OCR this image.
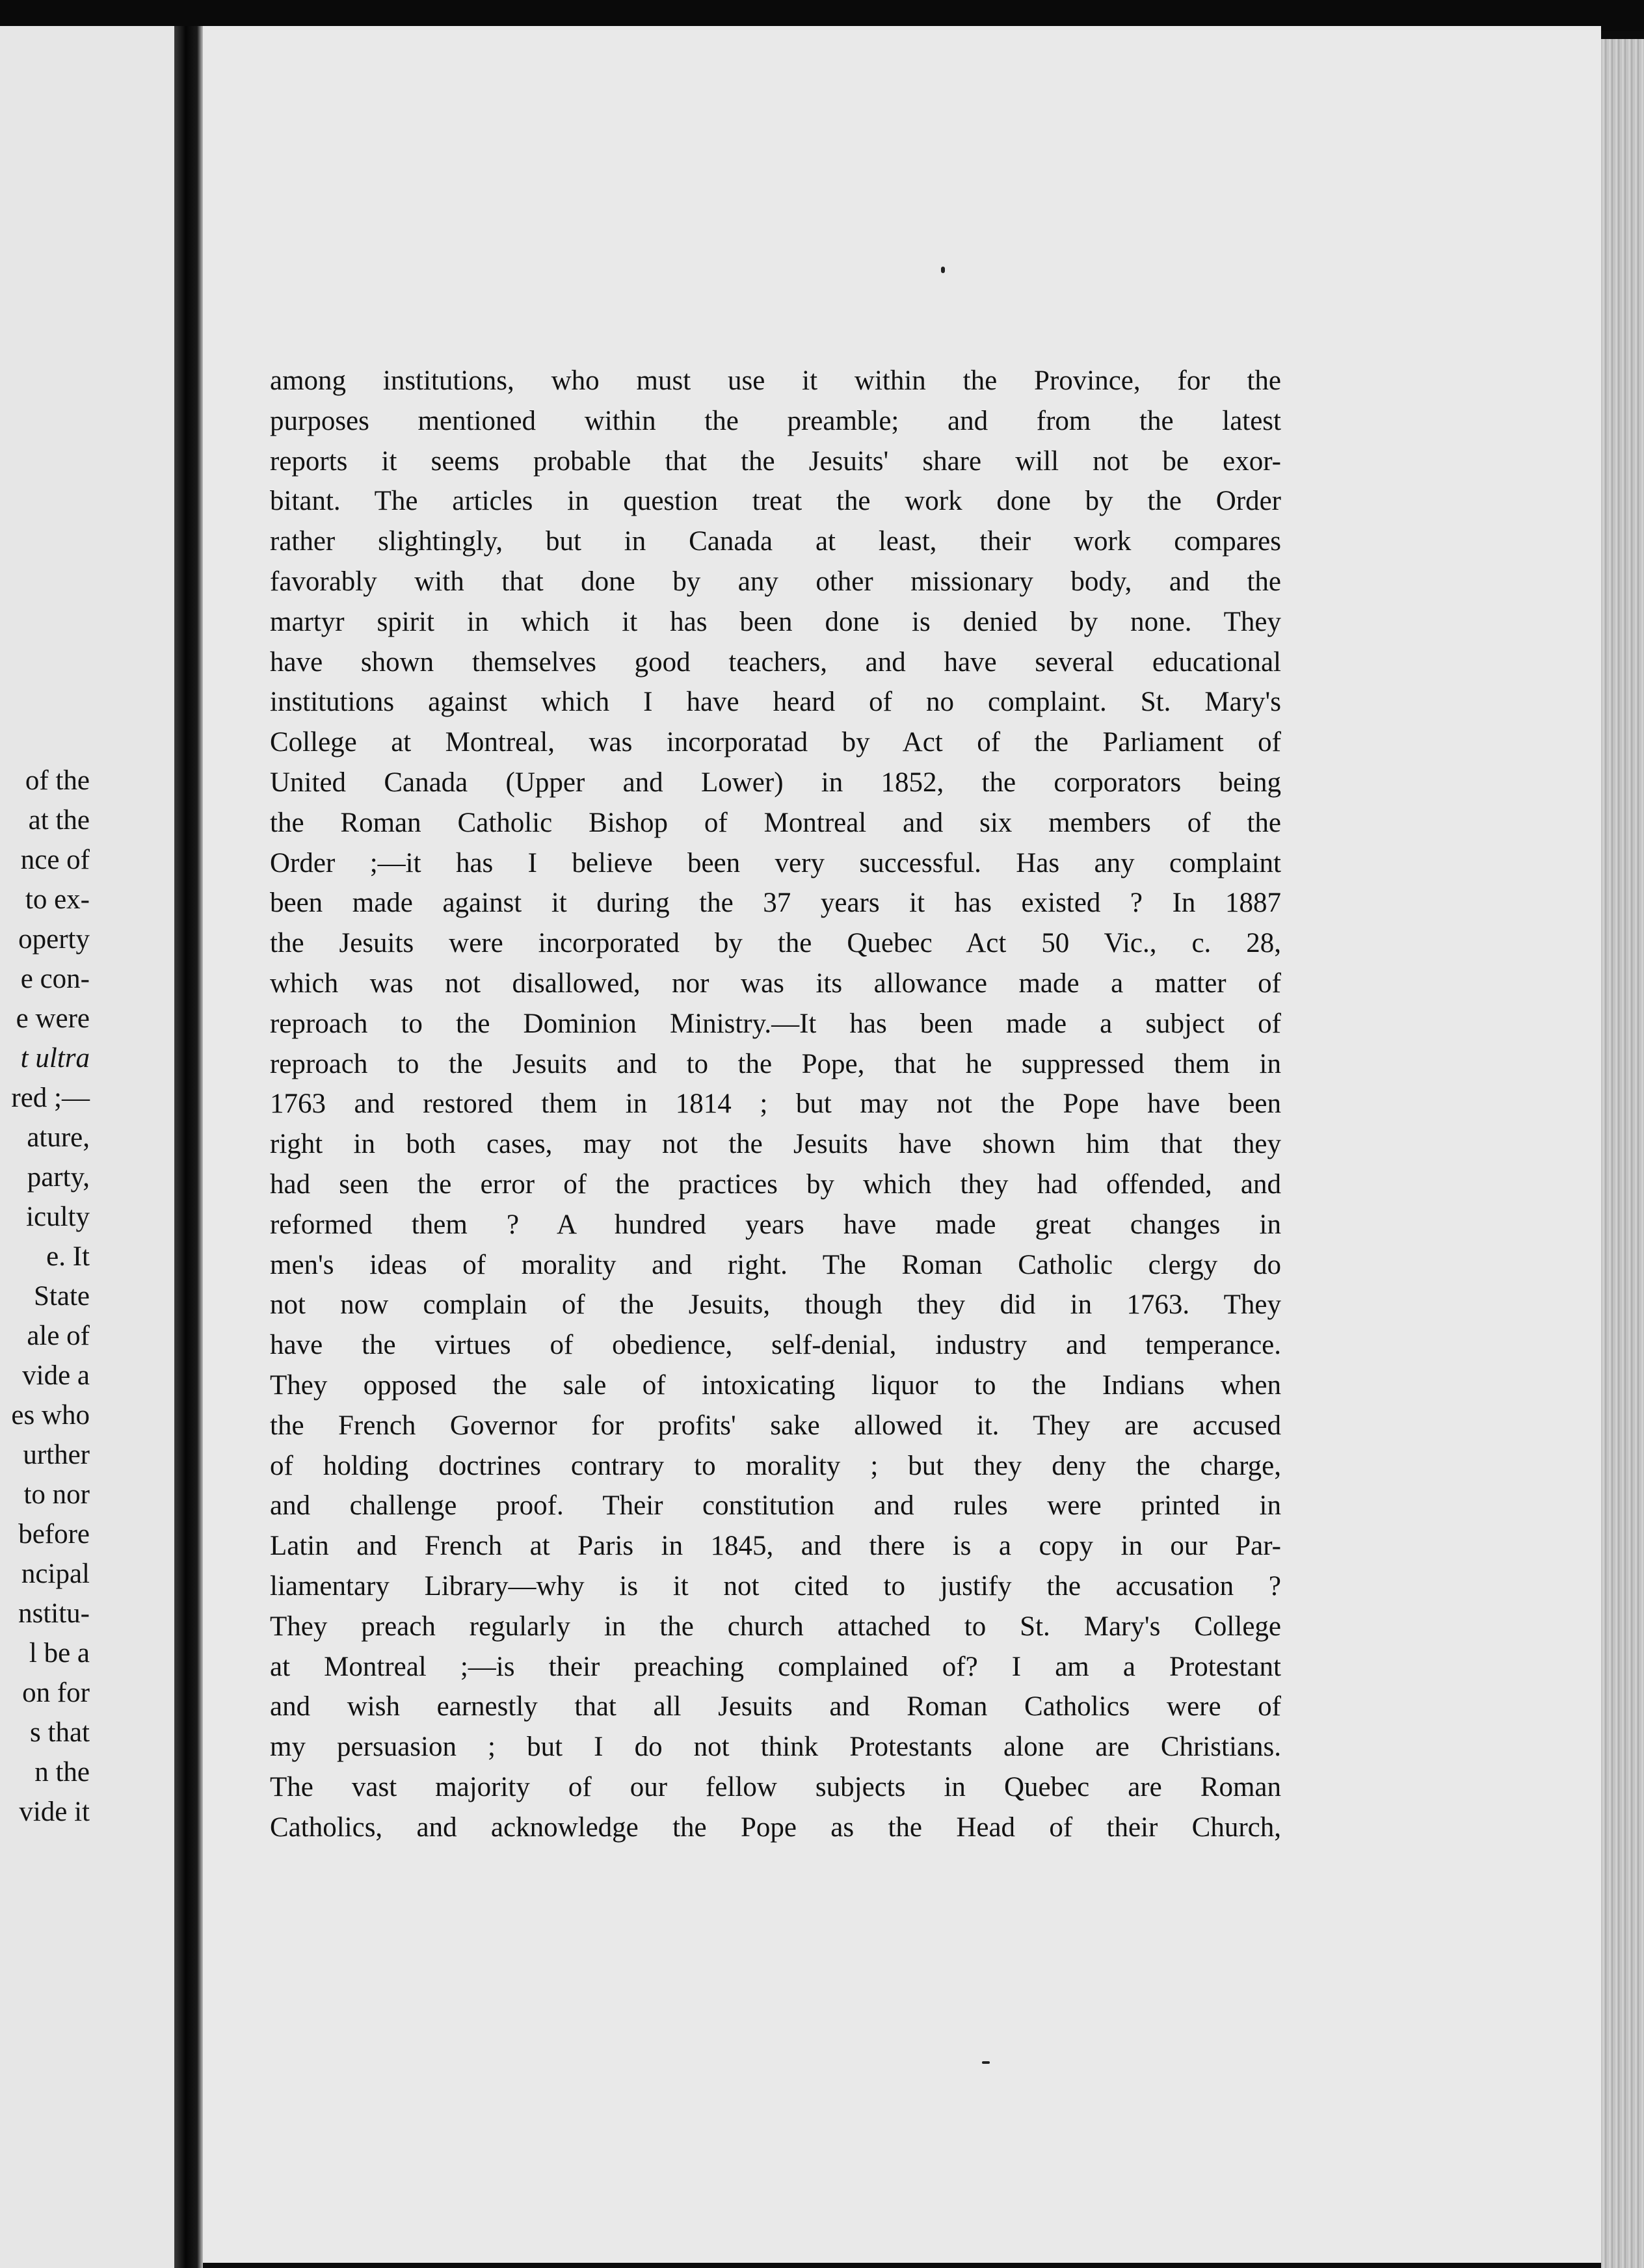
of the
at the
nce of
to ex-
operty
e con-
e were
t ultra
red ;—
ature,
party,
iculty
e. It
State
ale of
vide a
es who
urther
to nor
before
ncipal
nstitu-
l be a
on for
s that
n the
vide it
among institutions, who must use it within the Province, for the
purposes mentioned within the preamble; and from the latest
reports it seems probable that the Jesuits' share will not be exor-
bitant. The articles in question treat the work done by the Order
rather slightingly, but in Canada at least, their work compares
favorably with that done by any other missionary body, and the
martyr spirit in which it has been done is denied by none. They
have shown themselves good teachers, and have several educational
institutions against which I have heard of no complaint. St. Mary's
College at Montreal, was incorporatad by Act of the Parliament of
United Canada (Upper and Lower) in 1852, the corporators being
the Roman Catholic Bishop of Montreal and six members of the
Order ;—it has I believe been very successful. Has any complaint
been made against it during the 37 years it has existed ? In 1887
the Jesuits were incorporated by the Quebec Act 50 Vic., c. 28,
which was not disallowed, nor was its allowance made a matter of
reproach to the Dominion Ministry.—It has been made a subject of
reproach to the Jesuits and to the Pope, that he suppressed them in
1763 and restored them in 1814 ; but may not the Pope have been
right in both cases, may not the Jesuits have shown him that they
had seen the error of the practices by which they had offended, and
reformed them ? A hundred years have made great changes in
men's ideas of morality and right. The Roman Catholic clergy do
not now complain of the Jesuits, though they did in 1763. They
have the virtues of obedience, self-denial, industry and temperance.
They opposed the sale of intoxicating liquor to the Indians when
the French Governor for profits' sake allowed it. They are accused
of holding doctrines contrary to morality ; but they deny the charge,
and challenge proof. Their constitution and rules were printed in
Latin and French at Paris in 1845, and there is a copy in our Par-
liamentary Library—why is it not cited to justify the accusation ?
They preach regularly in the church attached to St. Mary's College
at Montreal ;—is their preaching complained of? I am a Protestant
and wish earnestly that all Jesuits and Roman Catholics were of
my persuasion ; but I do not think Protestants alone are Christians.
The vast majority of our fellow subjects in Quebec are Roman
Catholics, and acknowledge the Pope as the Head of their Church,
